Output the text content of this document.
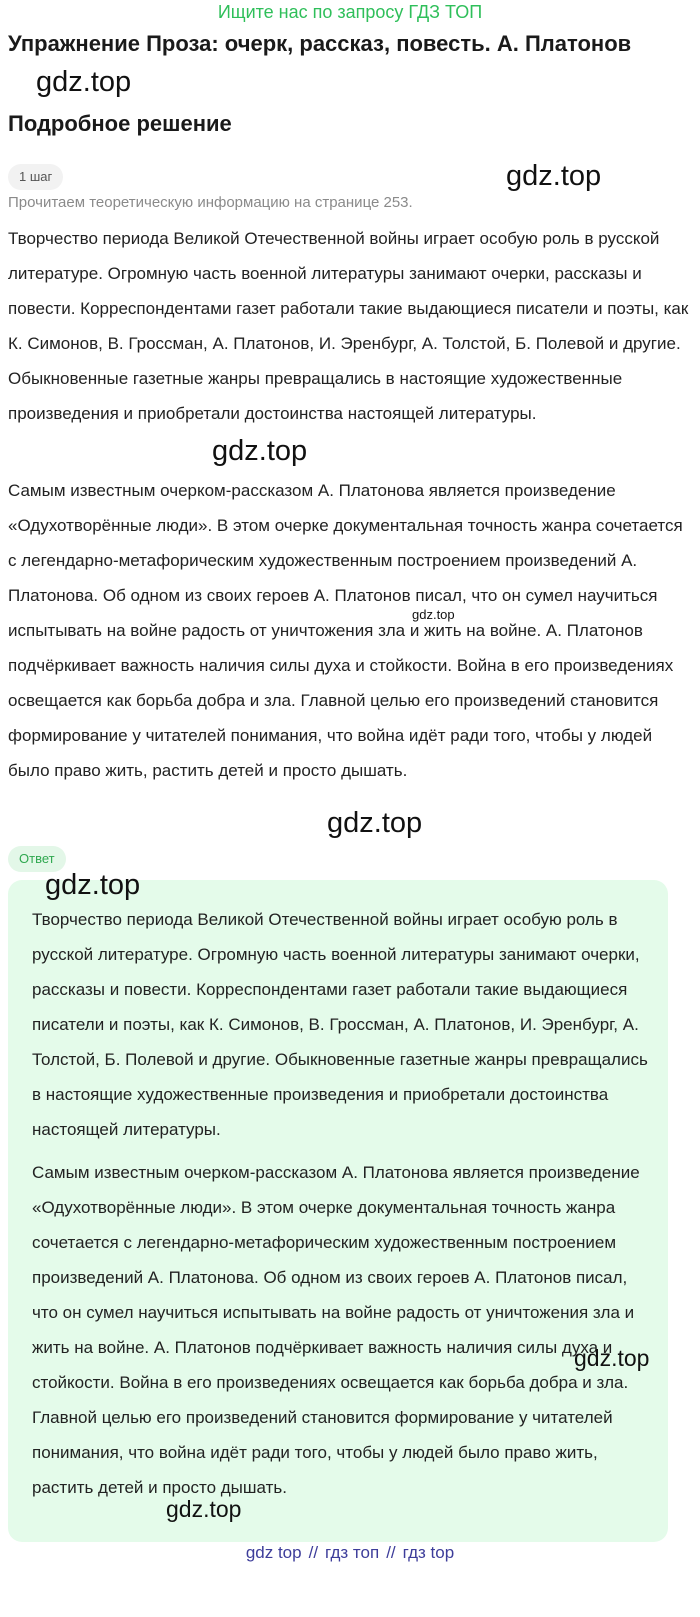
Ищите нас по запросу ГДЗ ТОП
Упражнение Проза: очерк, рассказ, повесть. А. Платонов
gdz.top
Подробное решение
1 шаг	gdz.top
Прочитаем теоретическую информацию на странице 253.

Творчество периода Великой Отечественной войны играет особую роль в русской литературе. Огромную часть военной литературы занимают очерки, рассказы и повести. Корреспондентами газет работали такие выдающиеся писатели и поэты, как К. Симонов, В. Гроссман, А. Платонов, И. Эренбург, А. Толстой, Б. Полевой и другие. Обыкновенные газетные жанры превращались в настоящие художественные произведения и приобретали достоинства настоящей литературы.

gdz.top

Самым известным очерком-рассказом А. Платонова является произведение «Одухотворённые люди». В этом очерке документальная точность жанра сочетается с легендарно-метафорическим художественным построением произведений А. Платонова. Об одном из своих героев А. Платонов писал, что он сумел научиться испытывать на войне радость от уничтожения зла и жить на войне. А. Платонов подчёркивает важность наличия силы духа и стойкости. Война в его произведениях освещается как борьба добра и зла. Главной целью его произведений становится формирование у читателей понимания, что война идёт ради того, чтобы у людей было право жить, растить детей и просто дышать.

gdz.top
gdz.top
Ответ
gdz.top

Творчество периода Великой Отечественной войны играет особую роль в русской литературе. Огромную часть военной литературы занимают очерки, рассказы и повести. Корреспондентами газет работали такие выдающиеся писатели и поэты, как К. Симонов, В. Гроссман, А. Платонов, И. Эренбург, А. Толстой, Б. Полевой и другие. Обыкновенные газетные жанры превращались в настоящие художественные произведения и приобретали достоинства настоящей литературы.

Самым известным очерком-рассказом А. Платонова является произведение «Одухотворённые люди». В этом очерке документальная точность жанра сочетается с легендарно-метафорическим художественным построением произведений А. Платонова. Об одном из своих героев А. Платонов писал, что он сумел научиться испытывать на войне радость от уничтожения зла и жить на войне. А. Платонов подчёркивает важность наличия силы духа и стойкости. Война в его произведениях освещается как борьба добра и зла. Главной целью его произведений становится формирование у читателей понимания, что война идёт ради того, чтобы у людей было право жить, растить детей и просто дышать.

gdz.top
gdz.top
gdz top // гдз топ // гдз top
